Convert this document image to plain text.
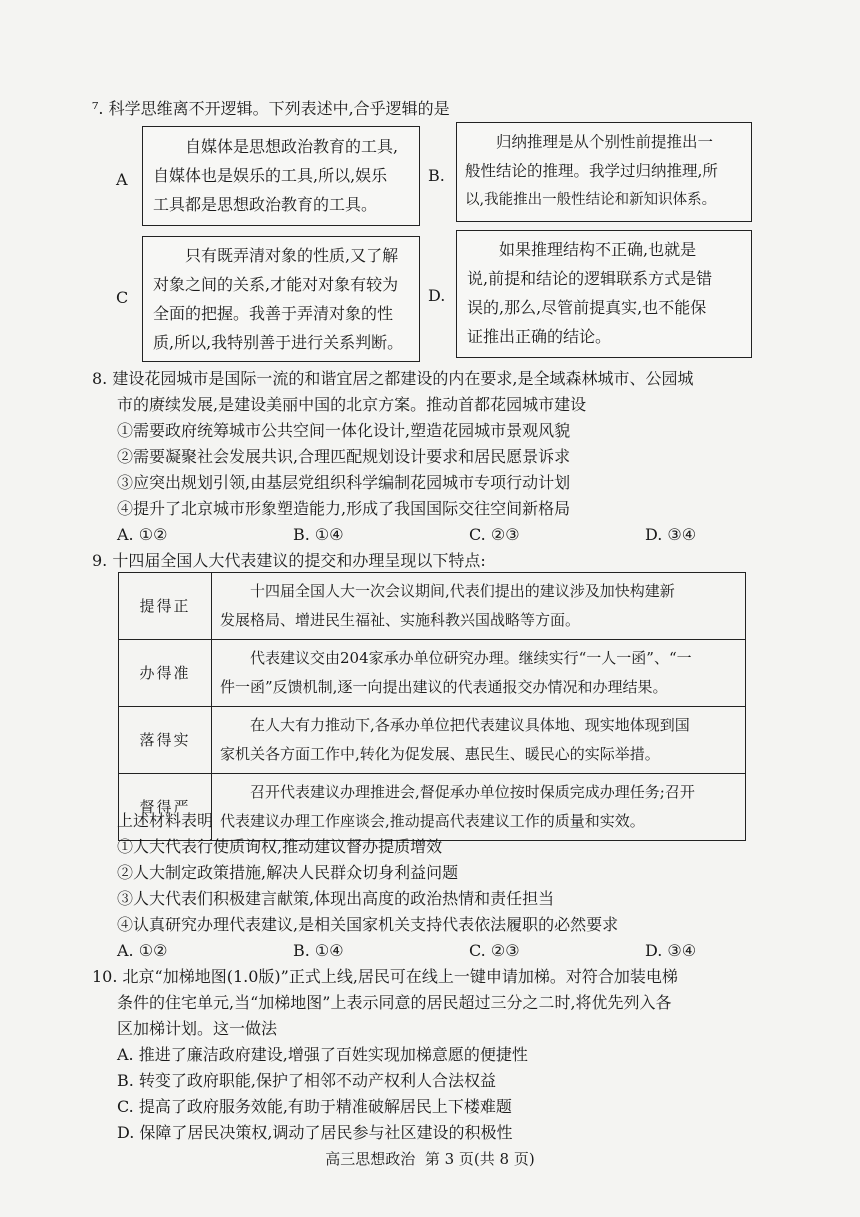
⁷. 科学思维离不开逻辑。下列表述中,合乎逻辑的是
A
自媒体是思想政治教育的工具,
自媒体也是娱乐的工具,所以,娱乐
工具都是思想政治教育的工具。
B.
归纳推理是从个别性前提推出一
般性结论的推理。我学过归纳推理,所
以,我能推出一般性结论和新知识体系。
C
只有既弄清对象的性质,又了解
对象之间的关系,才能对对象有较为
全面的把握。我善于弄清对象的性
质,所以,我特别善于进行关系判断。
D.
如果推理结构不正确,也就是
说,前提和结论的逻辑联系方式是错
误的,那么,尽管前提真实,也不能保
证推出正确的结论。
8. 建设花园城市是国际一流的和谐宜居之都建设的内在要求,是全域森林城市、公园城
市的赓续发展,是建设美丽中国的北京方案。推动首都花园城市建设
①需要政府统筹城市公共空间一体化设计,塑造花园城市景观风貌
②需要凝聚社会发展共识,合理匹配规划设计要求和居民愿景诉求
③应突出规划引领,由基层党组织科学编制花园城市专项行动计划
④提升了北京城市形象塑造能力,形成了我国国际交往空间新格局
A. ①②	B. ①④	C. ②③	D. ③④
9. 十四届全国人大代表建议的提交和办理呈现以下特点:
提得正	十四届全国人大一次会议期间,代表们提出的建议涉及加快构建新
发展格局、增进民生福祉、实施科教兴国战略等方面。

办得准	代表建议交由204家承办单位研究办理。继续实行“一人一函”、“一
件一函”反馈机制,逐一向提出建议的代表通报交办情况和办理结果。

落得实	在人大有力推动下,各承办单位把代表建议具体地、现实地体现到国
家机关各方面工作中,转化为促发展、惠民生、暖民心的实际举措。

督得严	召开代表建议办理推进会,督促承办单位按时保质完成办理任务;召开
代表建议办理工作座谈会,推动提高代表建议工作的质量和实效。
上述材料表明
①人大代表行使质询权,推动建议督办提质增效
②人大制定政策措施,解决人民群众切身利益问题
③人大代表们积极建言献策,体现出高度的政治热情和责任担当
④认真研究办理代表建议,是相关国家机关支持代表依法履职的必然要求
A. ①②	B. ①④	C. ②③	D. ③④
10. 北京“加梯地图(1.0版)”正式上线,居民可在线上一键申请加梯。对符合加装电梯
条件的住宅单元,当“加梯地图”上表示同意的居民超过三分之二时,将优先列入各
区加梯计划。这一做法
A. 推进了廉洁政府建设,增强了百姓实现加梯意愿的便捷性
B. 转变了政府职能,保护了相邻不动产权利人合法权益
C. 提高了政府服务效能,有助于精准破解居民上下楼难题
D. 保障了居民决策权,调动了居民参与社区建设的积极性
高三思想政治  第 3 页(共 8 页)
